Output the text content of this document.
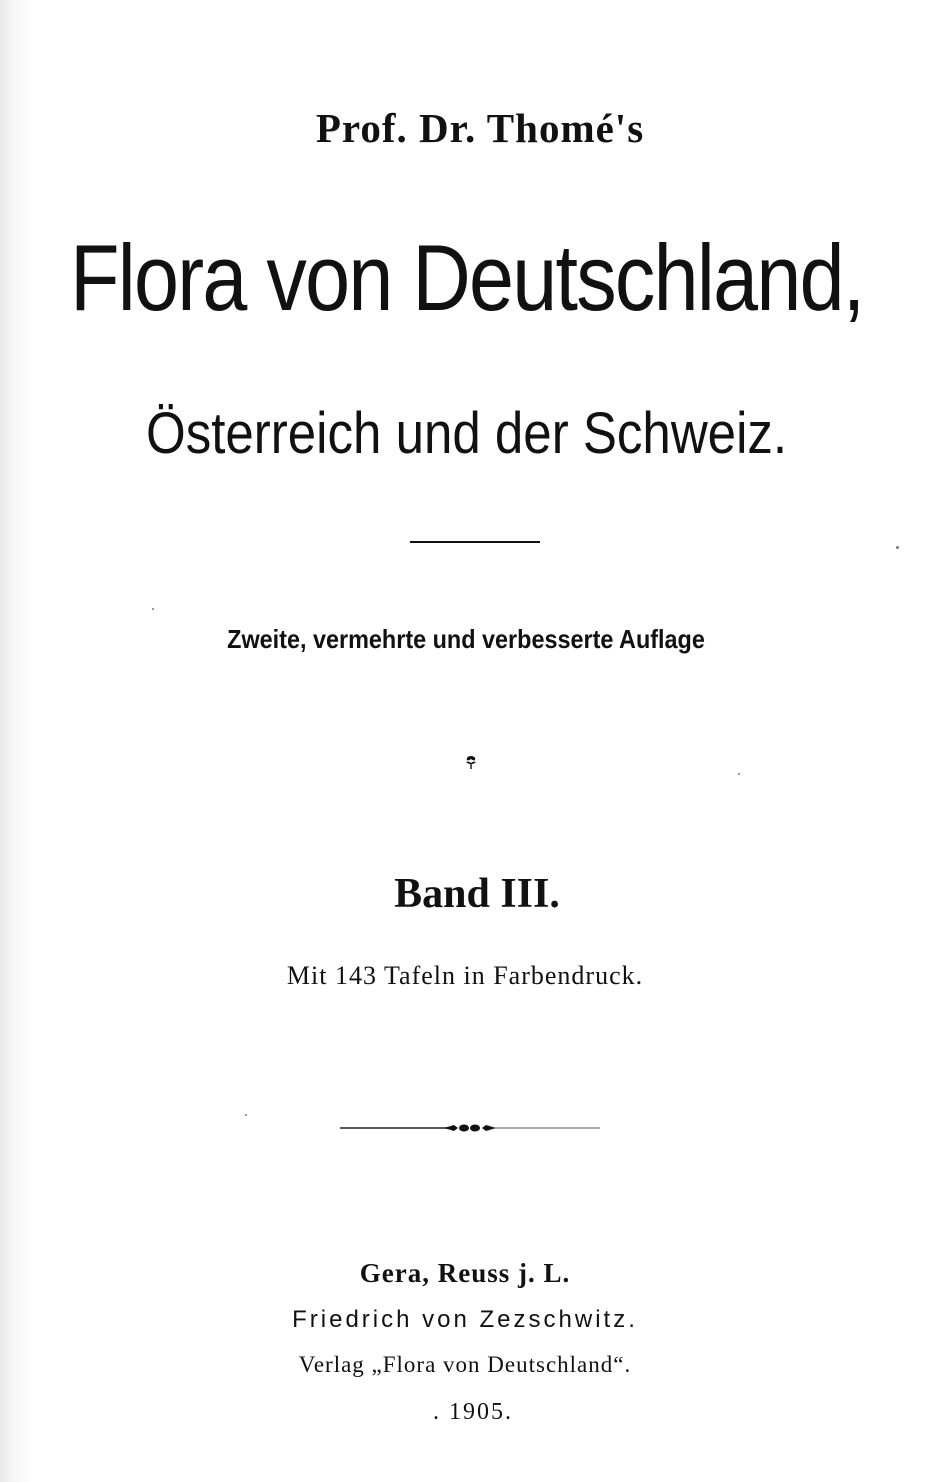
Prof. Dr. Thomé's

Flora von Deutschland,
Österreich und der Schweiz.

Zweite, vermehrte und verbesserte Auflage

Band III.

Mit 143 Tafeln in Farbendruck.

Gera, Reuss j. L.

Friedrich von Zezschwitz.

Verlag „Flora von Deutschland“.

. 1905.
